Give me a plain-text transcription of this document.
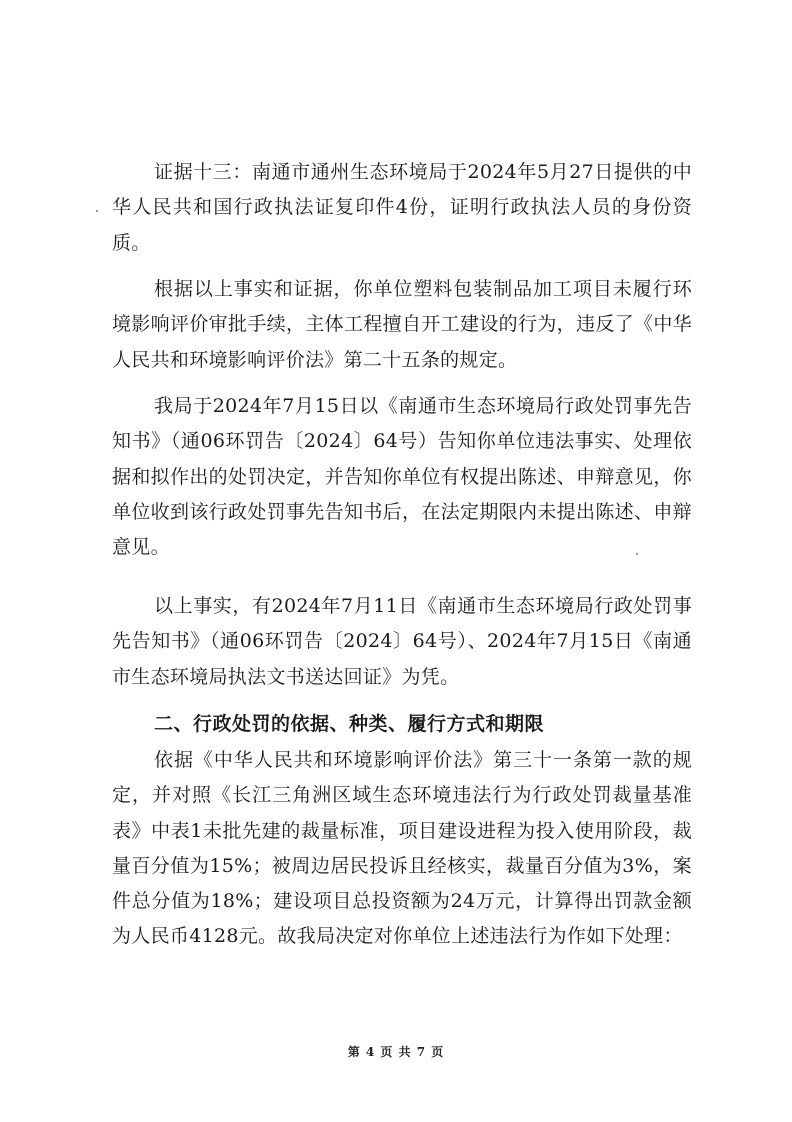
证据十三：南通市通州生态环境局于2024年5月27日提供的中华人民共和国行政执法证复印件4份，证明行政执法人员的身份资质。

根据以上事实和证据，你单位塑料包装制品加工项目未履行环境影响评价审批手续，主体工程擅自开工建设的行为，违反了《中华人民共和环境影响评价法》第二十五条的规定。

我局于2024年7月15日以《南通市生态环境局行政处罚事先告知书》（通06环罚告〔2024〕64号）告知你单位违法事实、处理依据和拟作出的处罚决定，并告知你单位有权提出陈述、申辩意见，你单位收到该行政处罚事先告知书后，在法定期限内未提出陈述、申辩意见。

以上事实，有2024年7月11日《南通市生态环境局行政处罚事先告知书》（通06环罚告〔2024〕64号）、2024年7月15日《南通市生态环境局执法文书送达回证》为凭。

二、行政处罚的依据、种类、履行方式和期限

依据《中华人民共和环境影响评价法》第三十一条第一款的规定，并对照《长江三角洲区域生态环境违法行为行政处罚裁量基准表》中表1未批先建的裁量标准，项目建设进程为投入使用阶段，裁量百分值为15%；被周边居民投诉且经核实，裁量百分值为3%，案件总分值为18%；建设项目总投资额为24万元，计算得出罚款金额为人民币4128元。故我局决定对你单位上述违法行为作如下处理：

第 4 页 共 7 页
